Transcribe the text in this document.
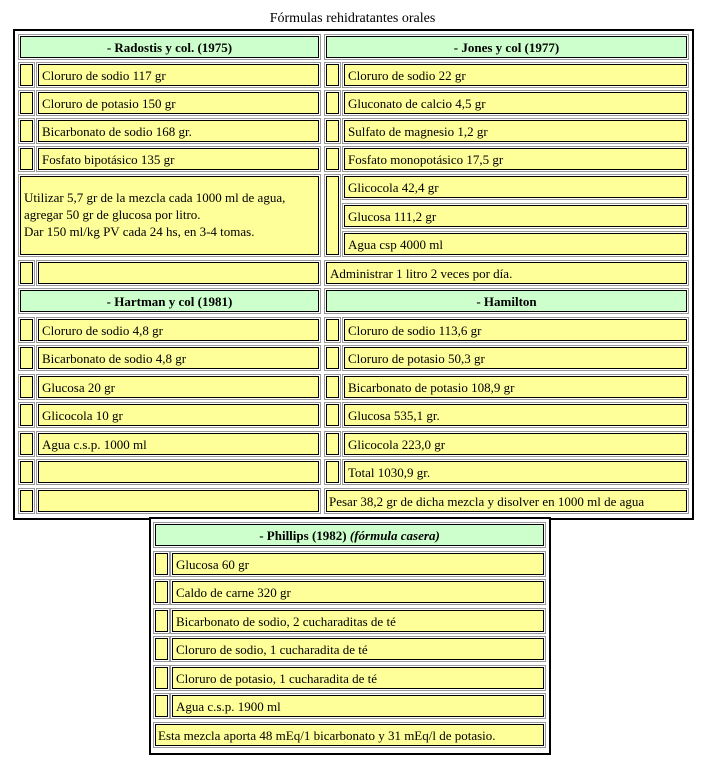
Fórmulas rehidratantes orales
- Radostis y col. (1975)	- Jones y col (1977)
Cloruro de sodio 117 gr
Cloruro de potasio 150 gr
Bicarbonato de sodio 168 gr.
Fosfato bipotásico 135 gr
Utilizar 5,7 gr de la mezcla cada 1000 ml de agua,
agregar 50 gr de glucosa por litro.
Dar 150 ml/kg PV cada 24 hs, en 3-4 tomas.
Cloruro de sodio 22 gr
Gluconato de calcio 4,5 gr
Sulfato de magnesio 1,2 gr
Fosfato monopotásico 17,5 gr
Glicocola 42,4 gr
Glucosa 111,2 gr
Agua csp 4000 ml
Administrar 1 litro 2 veces por día.
- Hartman y col (1981)	- Hamilton
Cloruro de sodio 4,8 gr
Bicarbonato de sodio 4,8 gr
Glucosa 20 gr
Glicocola 10 gr
Agua c.s.p. 1000 ml
Cloruro de sodio 113,6 gr
Cloruro de potasio 50,3 gr
Bicarbonato de potasio 108,9 gr
Glucosa 535,1 gr.
Glicocola 223,0 gr
Total 1030,9 gr.
Pesar 38,2 gr de dicha mezcla y disolver en 1000 ml de agua
- Phillips (1982) (fórmula casera)
Glucosa 60 gr
Caldo de carne 320 gr
Bicarbonato de sodio, 2 cucharaditas de té
Cloruro de sodio, 1 cucharadita de té
Cloruro de potasio, 1 cucharadita de té
Agua c.s.p. 1900 ml
Esta mezcla aporta 48 mEq/1 bicarbonato y 31 mEq/l de potasio.
